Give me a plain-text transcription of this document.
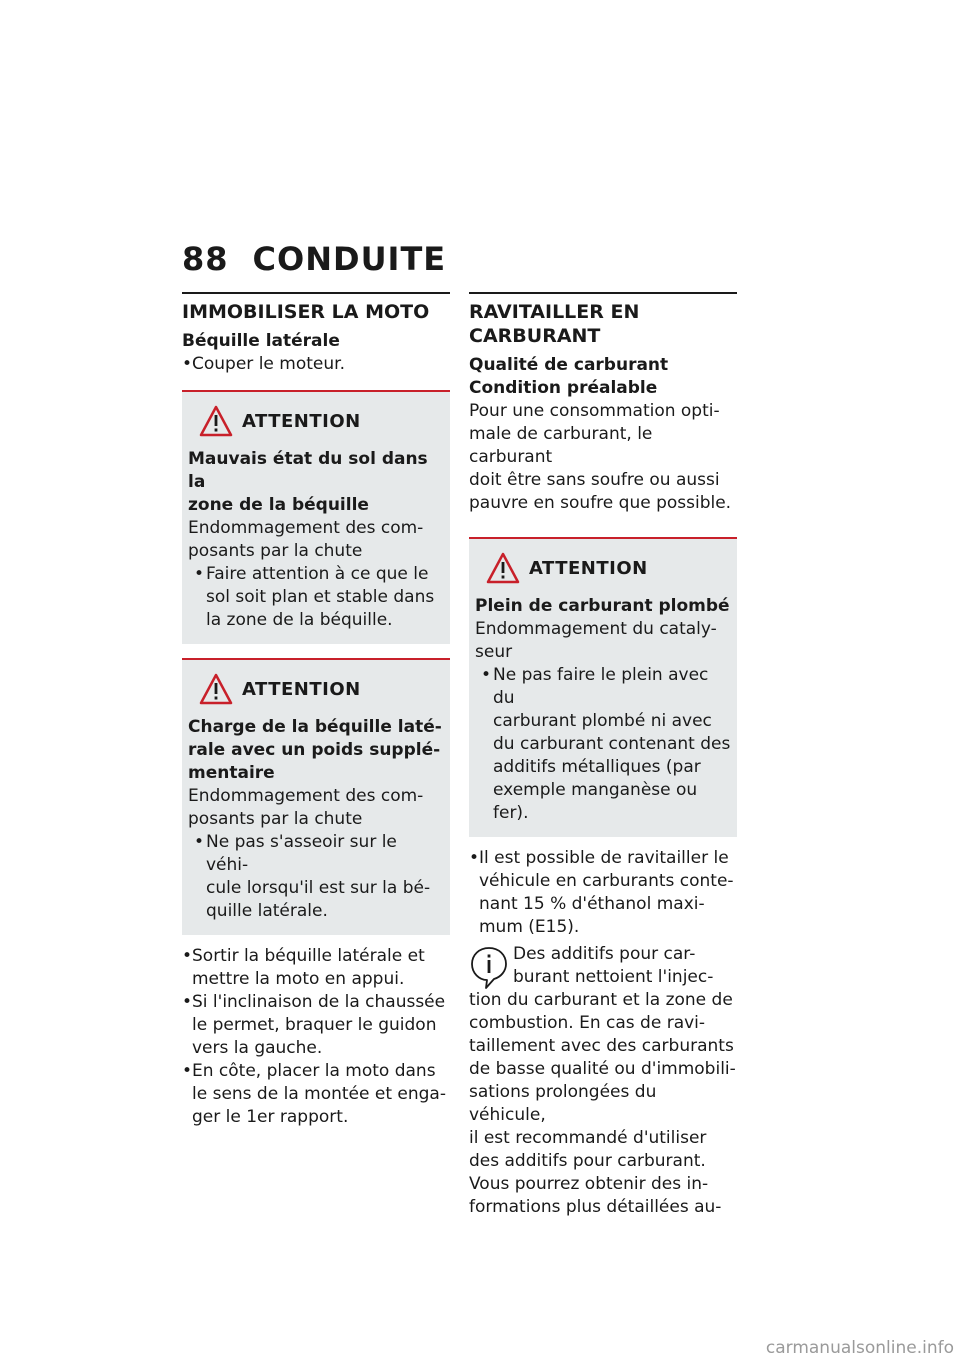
88 CONDUITE
IMMOBILISER LA MOTO
Béquille latérale
• Couper le moteur.
ATTENTION
Mauvais état du sol dans la
zone de la béquille
Endommagement des com-
posants par la chute
• Faire attention à ce que le
sol soit plan et stable dans
la zone de la béquille.
ATTENTION
Charge de la béquille laté-
rale avec un poids supplé-
mentaire
Endommagement des com-
posants par la chute
• Ne pas s'asseoir sur le véhi-
cule lorsqu'il est sur la bé-
quille latérale.
• Sortir la béquille latérale et
mettre la moto en appui.
• Si l'inclinaison de la chaussée
le permet, braquer le guidon
vers la gauche.
• En côte, placer la moto dans
le sens de la montée et enga-
ger le 1er rapport.
RAVITAILLER EN
CARBURANT
Qualité de carburant
Condition préalable
Pour une consommation opti-
male de carburant, le carburant
doit être sans soufre ou aussi
pauvre en soufre que possible.
ATTENTION
Plein de carburant plombé
Endommagement du cataly-
seur
• Ne pas faire le plein avec du
carburant plombé ni avec
du carburant contenant des
additifs métalliques (par
exemple manganèse ou fer).
• Il est possible de ravitailler le
véhicule en carburants conte-
nant 15 % d'éthanol maxi-
mum (E15).
Des additifs pour car-
burant nettoient l'injec-
tion du carburant et la zone de
combustion. En cas de ravi-
taillement avec des carburants
de basse qualité ou d'immobili-
sations prolongées du véhicule,
il est recommandé d'utiliser
des additifs pour carburant.
Vous pourrez obtenir des in-
formations plus détaillées au-
carmanualsonline.info
